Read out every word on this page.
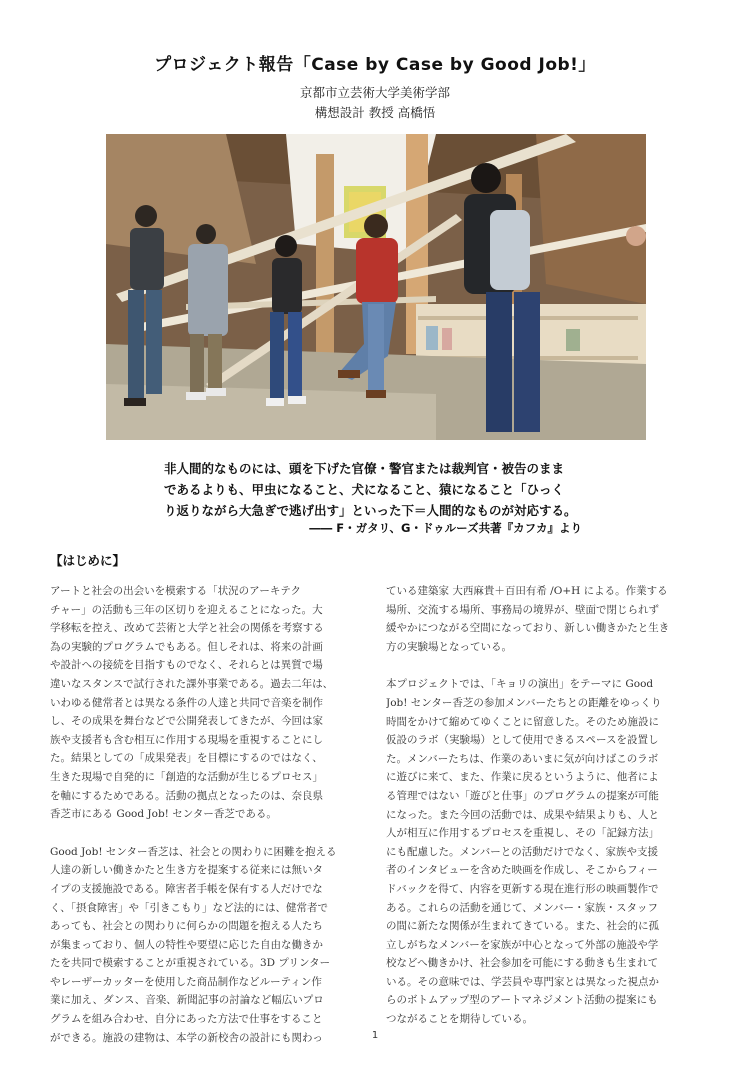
プロジェクト報告「Case by Case by Good Job!」
京都市立芸術大学美術学部
構想設計 教授 高橋悟
非人間的なものには、頭を下げた官僚・警官または裁判官・被告のまま
であるよりも、甲虫になること、犬になること、猿になること「ひっく
り返りながら大急ぎで逃げ出す」といった下＝人間的なものが対応する。
―― F・ガタリ、G・ドゥルーズ共著『カフカ』より
【はじめに】

アートと社会の出会いを模索する「状況のアーキテク
チャー」の活動も三年の区切りを迎えることになった。大
学移転を控え、改めて芸術と大学と社会の関係を考察する
為の実験的プログラムでもある。但しそれは、将来の計画
や設計への接続を目指すものでなく、それらとは異質で場
違いなスタンスで試行された課外事業である。過去二年は、
いわゆる健常者とは異なる条件の人達と共同で音楽を制作
し、その成果を舞台などで公開発表してきたが、今回は家
族や支援者も含む相互に作用する現場を重視することにし
た。結果としての「成果発表」を目標にするのではなく、
生きた現場で自発的に「創造的な活動が生じるプロセス」
を軸にするためである。活動の拠点となったのは、奈良県
香芝市にある Good Job! センター香芝である。

Good Job! センター香芝は、社会との関わりに困難を抱える
人達の新しい働きかたと生き方を提案する従来には無いタ
イプの支援施設である。障害者手帳を保有する人だけでな
く、「摂食障害」や「引きこもり」など法的には、健常者で
あっても、社会との関わりに何らかの問題を抱える人たち
が集まっており、個人の特性や要望に応じた自由な働きか
たを共同で模索することが重視されている。3D プリンター
やレーザーカッターを使用した商品制作などルーティン作
業に加え、ダンス、音楽、新聞記事の討論など幅広いプロ
グラムを組み合わせ、自分にあった方法で仕事をすること
ができる。施設の建物は、本学の新校舎の設計にも関わっ

ている建築家 大西麻貴＋百田有希 /O+H による。作業する
場所、交流する場所、事務局の境界が、壁面で閉じられず
緩やかにつながる空間になっており、新しい働きかたと生き
方の実験場となっている。

本プロジェクトでは、「キョリの演出」をテーマに Good
Job! センター香芝の参加メンバーたちとの距離をゆっくり
時間をかけて縮めてゆくことに留意した。そのため施設に
仮設のラボ（実験場）として使用できるスペースを設置し
た。メンバーたちは、作業のあいまに気が向けばこのラボ
に遊びに来て、また、作業に戻るというように、他者によ
る管理ではない「遊びと仕事」のプログラムの提案が可能
になった。また今回の活動では、成果や結果よりも、人と
人が相互に作用するプロセスを重視し、その「記録方法」
にも配慮した。メンバーとの活動だけでなく、家族や支援
者のインタビューを含めた映画を作成し、そこからフィー
ドバックを得て、内容を更新する現在進行形の映画製作で
ある。これらの活動を通じて、メンバー・家族・スタッフ
の間に新たな関係が生まれてきている。また、社会的に孤
立しがちなメンバーを家族が中心となって外部の施設や学
校などへ働きかけ、社会参加を可能にする動きも生まれて
いる。その意味では、学芸員や専門家とは異なった視点か
らのボトムアップ型のアートマネジメント活動の提案にも
つながることを期待している。

1
